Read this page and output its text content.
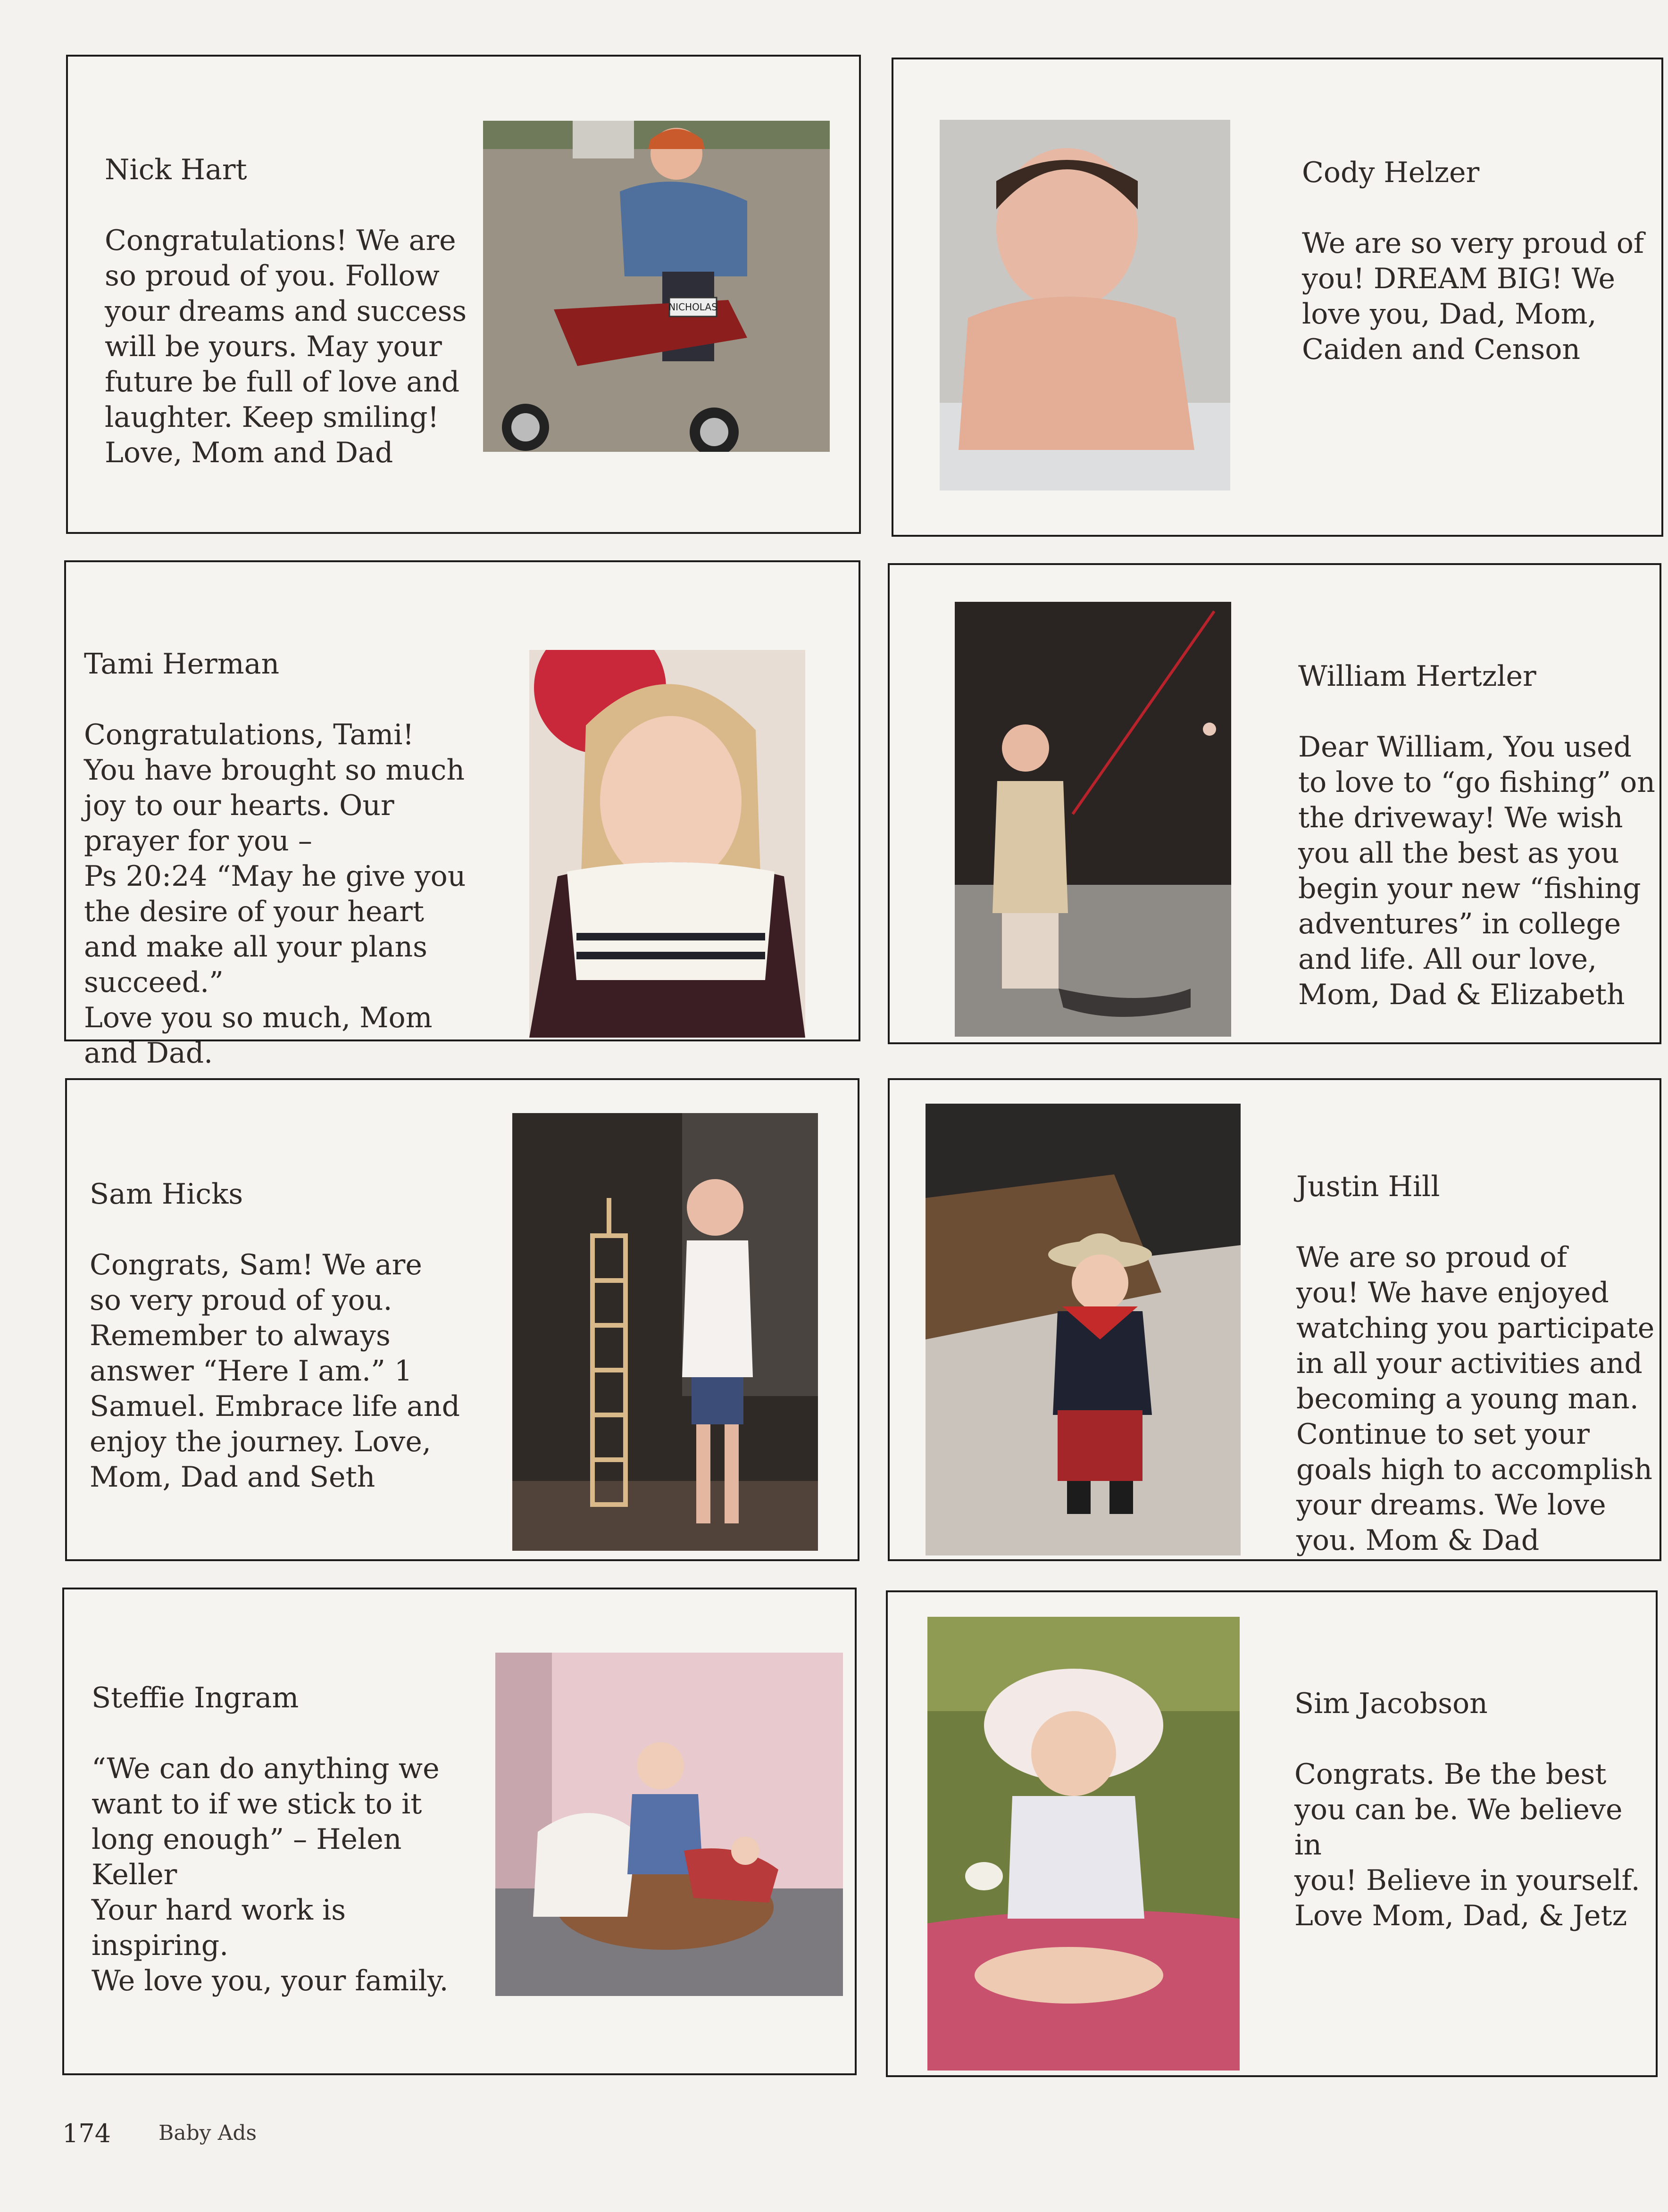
Nick Hart

Congratulations! We are
so proud of you. Follow
your dreams and success
will be yours. May your
future be full of love and
laughter. Keep smiling!
Love, Mom and Dad

NICHOLAS

Cody Helzer

We are so very proud of
you! DREAM BIG! We
love you, Dad, Mom,
Caiden and Censon

Tami Herman

Congratulations, Tami!
You have brought so much
joy to our hearts. Our
prayer for you –
Ps 20:24 “May he give you
the desire of your heart
and make all your plans
succeed.”
Love you so much, Mom
and Dad.

William Hertzler

Dear William, You used
to love to “go fishing” on
the driveway! We wish
you all the best as you
begin your new “fishing
adventures” in college
and life. All our love,
Mom, Dad & Elizabeth

Sam Hicks

Congrats, Sam! We are
so very proud of you.
Remember to always
answer “Here I am.” 1
Samuel. Embrace life and
enjoy the journey. Love,
Mom, Dad and Seth

Justin Hill

We are so proud of
you! We have enjoyed
watching you participate
in all your activities and
becoming a young man.
Continue to set your
goals high to accomplish
your dreams. We love
you. Mom & Dad

Steffie Ingram

“We can do anything we
want to if we stick to it
long enough” – Helen
Keller
Your hard work is
inspiring.
We love you, your family.

Sim Jacobson

Congrats. Be the best
you can be. We believe in
you! Believe in yourself.
Love Mom, Dad, & Jetz

174 Baby Ads
